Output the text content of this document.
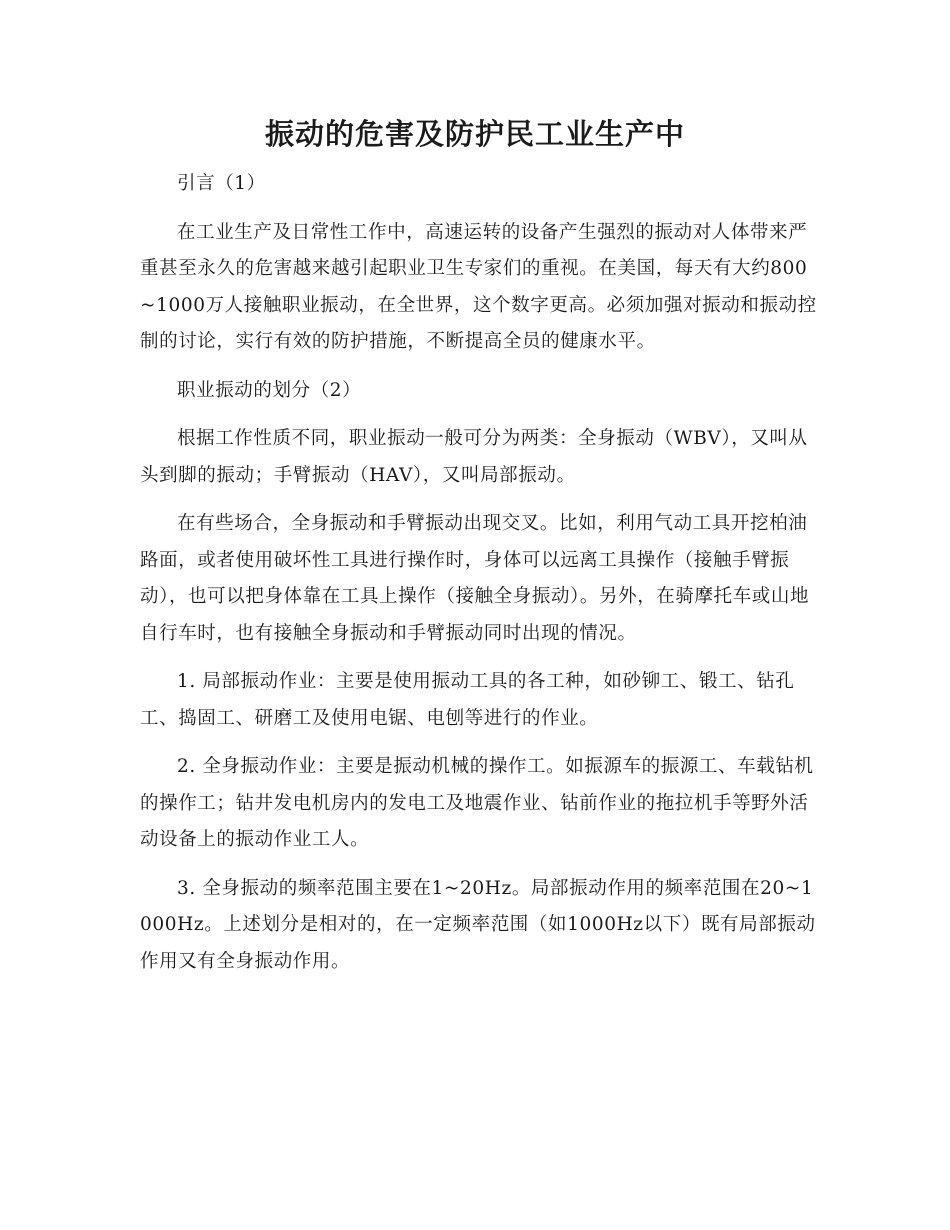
振动的危害及防护民工业生产中

引言（1）

在工业生产及日常性工作中，高速运转的设备产生强烈的振动对人体带来严重甚至永久的危害越来越引起职业卫生专家们的重视。在美国，每天有大约800~1000万人接触职业振动，在全世界，这个数字更高。必须加强对振动和振动控制的讨论，实行有效的防护措施，不断提高全员的健康水平。

职业振动的划分（2）

根据工作性质不同，职业振动一般可分为两类：全身振动（WBV），又叫从头到脚的振动；手臂振动（HAV），又叫局部振动。

在有些场合，全身振动和手臂振动出现交叉。比如，利用气动工具开挖柏油路面，或者使用破坏性工具进行操作时，身体可以远离工具操作（接触手臂振动），也可以把身体靠在工具上操作（接触全身振动）。另外，在骑摩托车或山地自行车时，也有接触全身振动和手臂振动同时出现的情况。

1. 局部振动作业：主要是使用振动工具的各工种，如砂铆工、锻工、钻孔工、捣固工、研磨工及使用电锯、电刨等进行的作业。

2. 全身振动作业：主要是振动机械的操作工。如振源车的振源工、车载钻机的操作工；钻井发电机房内的发电工及地震作业、钻前作业的拖拉机手等野外活动设备上的振动作业工人。

3. 全身振动的频率范围主要在1~20Hz。局部振动作用的频率范围在20~1000Hz。上述划分是相对的，在一定频率范围（如1000Hz以下）既有局部振动作用又有全身振动作用。
